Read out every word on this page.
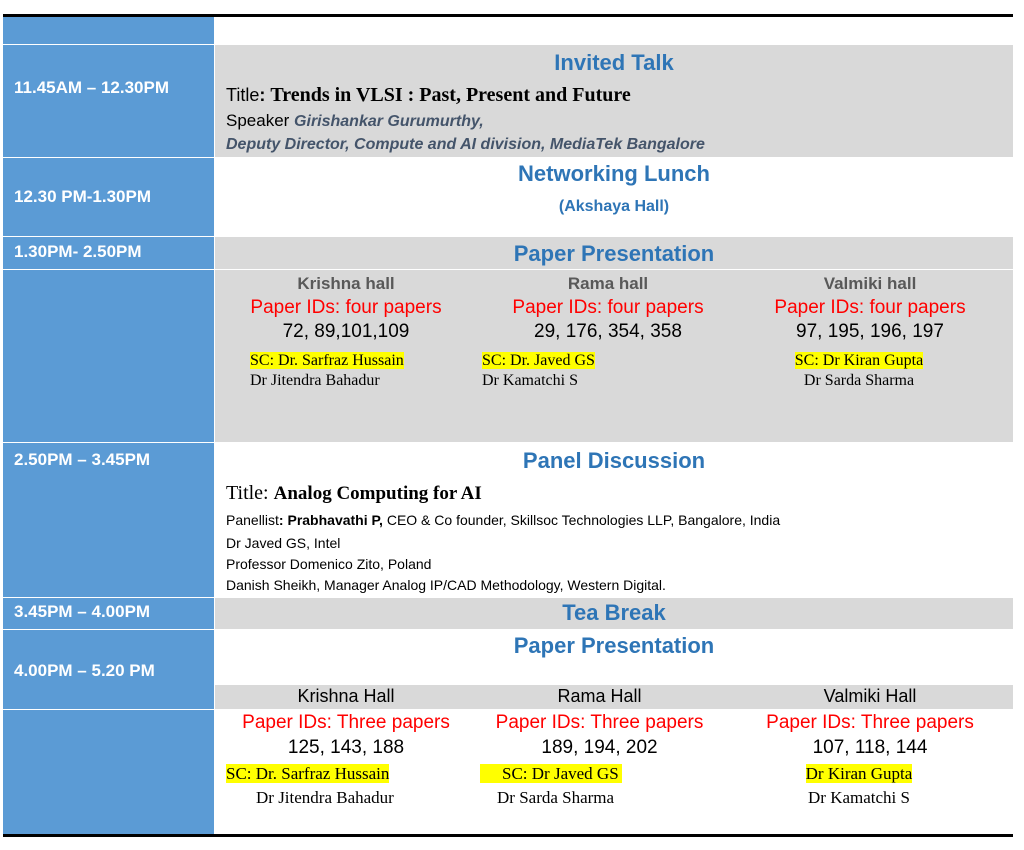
11.45AM – 12.30PM
12.30 PM-1.30PM
1.30PM- 2.50PM
2.50PM – 3.45PM
3.45PM – 4.00PM
4.00PM – 5.20 PM
Invited Talk
Title: Trends in VLSI : Past, Present and Future
Speaker Girishankar Gurumurthy,
Deputy Director, Compute and AI division, MediaTek Bangalore
Networking Lunch
(Akshaya Hall)
Paper Presentation
Krishna hall
Paper IDs: four papers
72, 89,101,109
Rama hall
Paper IDs: four papers
29, 176, 354, 358
Valmiki hall
Paper IDs: four papers
97, 195, 196, 197
SC: Dr. Sarfraz Hussain
Dr Jitendra Bahadur
SC: Dr. Javed GS
Dr Kamatchi S
SC: Dr Kiran Gupta
Dr Sarda Sharma
Panel Discussion
Title: Analog Computing for AI
Panellist: Prabhavathi P, CEO & Co founder, Skillsoc Technologies LLP, Bangalore, India
Dr Javed GS, Intel
Professor Domenico Zito, Poland
Danish Sheikh, Manager Analog IP/CAD Methodology, Western Digital.
Tea Break
Paper Presentation
Krishna Hall
Paper IDs: Three papers
125, 143, 188
Rama Hall
Paper IDs: Three papers
189, 194, 202
Valmiki Hall
Paper IDs: Three papers
107, 118, 144
SC: Dr. Sarfraz Hussain
Dr Jitendra Bahadur
SC: Dr Javed GS
Dr Sarda Sharma
Dr Kiran Gupta
Dr Kamatchi S
